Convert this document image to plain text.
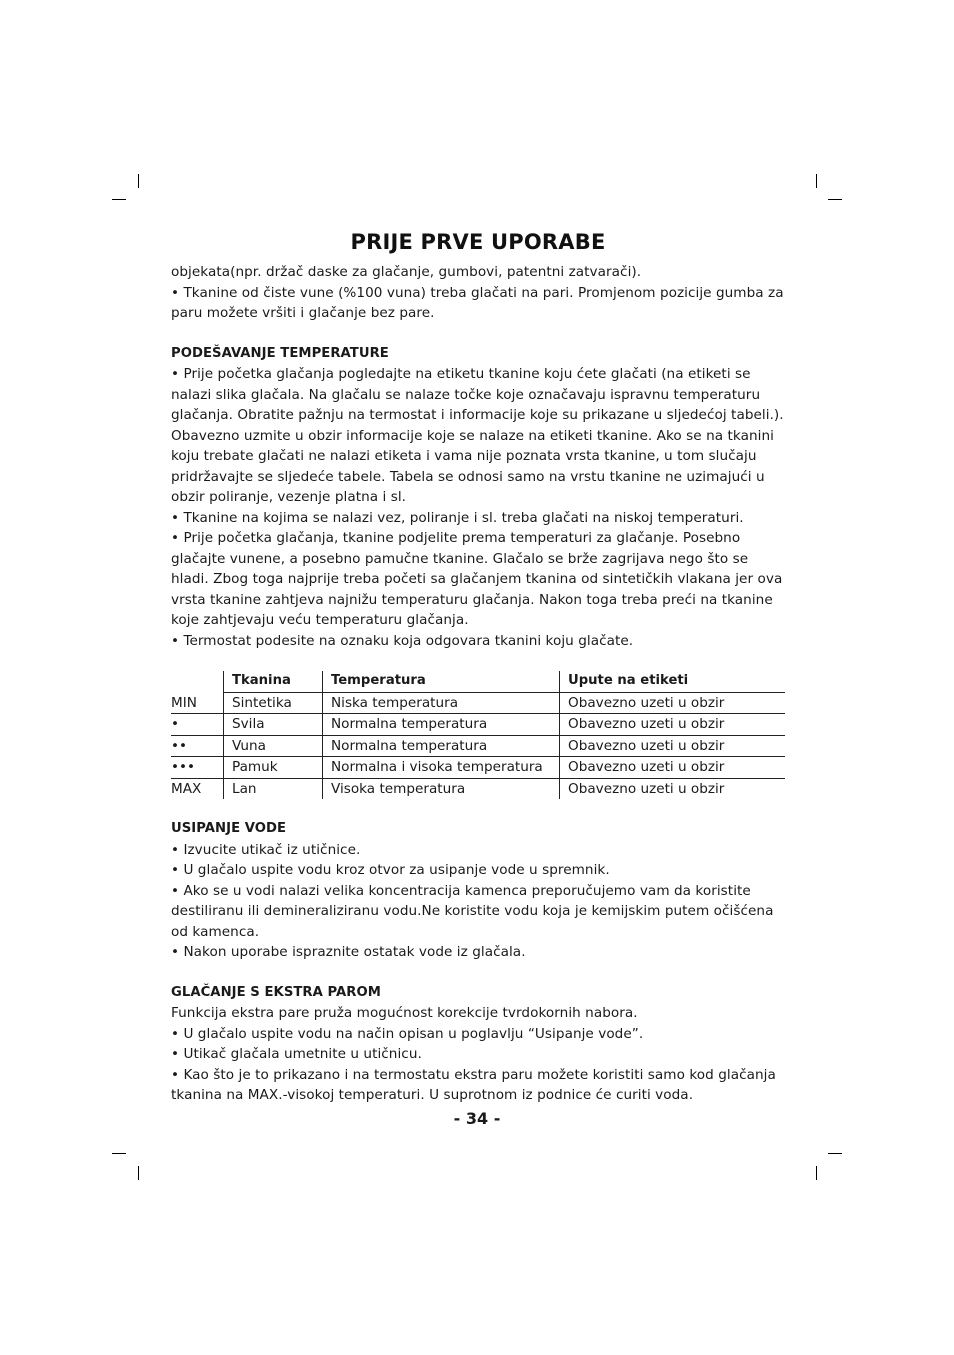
PRIJE PRVE UPORABE

objekata(npr. držač daske za glačanje, gumbovi, patentni zatvarači).

• Tkanine od čiste vune (%100 vuna) treba glačati na pari. Promjenom pozicije gumba za paru možete vršiti i glačanje bez pare.

PODEŠAVANJE TEMPERATURE

• Prije početka glačanja pogledajte na etiketu tkanine koju ćete glačati (na etiketi se nalazi slika glačala. Na glačalu se nalaze točke koje označavaju ispravnu temperaturu glačanja. Obratite pažnju na termostat i informacije koje su prikazane u sljedećoj tabeli.). Obavezno uzmite u obzir informacije koje se nalaze na etiketi tkanine. Ako se na tkanini koju trebate glačati ne nalazi etiketa i vama nije poznata vrsta tkanine, u tom slučaju pridržavajte se sljedeće tabele. Tabela se odnosi samo na vrstu tkanine ne uzimajući u obzir poliranje, vezenje platna i sl.

• Tkanine na kojima se nalazi vez, poliranje i sl. treba glačati na niskoj temperaturi.

• Prije početka glačanja, tkanine podjelite prema temperaturi za glačanje. Posebno glačajte vunene, a posebno pamučne tkanine. Glačalo se brže zagrijava nego što se hladi. Zbog toga najprije treba početi sa glačanjem tkanina od sintetičkih vlakana jer ova vrsta tkanine zahtjeva najnižu temperaturu glačanja. Nakon toga treba preći na tkanine koje zahtjevaju veću temperaturu glačanja.

• Termostat podesite na oznaku koja odgovara tkanini koju glačate.

	Tkanina	Temperatura	Upute na etiketi
MIN	Sintetika	Niska temperatura	Obavezno uzeti u obzir
•	Svila	Normalna temperatura	Obavezno uzeti u obzir
••	Vuna	Normalna temperatura	Obavezno uzeti u obzir
•••	Pamuk	Normalna i visoka temperatura	Obavezno uzeti u obzir
MAX	Lan	Visoka temperatura	Obavezno uzeti u obzir

USIPANJE VODE

• Izvucite utikač iz utičnice.

• U glačalo uspite vodu kroz otvor za usipanje vode u spremnik.

• Ako se u vodi nalazi velika koncentracija kamenca preporučujemo vam da koristite destiliranu ili demineraliziranu vodu.Ne koristite vodu koja je kemijskim putem očišćena od kamenca.

• Nakon uporabe ispraznite ostatak vode iz glačala.

GLAČANJE S EKSTRA PAROM

Funkcija ekstra pare pruža mogućnost korekcije tvrdokornih nabora.

• U glačalo uspite vodu na način opisan u poglavlju “Usipanje vode”.

• Utikač glačala umetnite u utičnicu.

• Kao što je to prikazano i na termostatu ekstra paru možete koristiti samo kod glačanja tkanina na MAX.-visokoj temperaturi. U suprotnom iz podnice će curiti voda.

- 34 -
